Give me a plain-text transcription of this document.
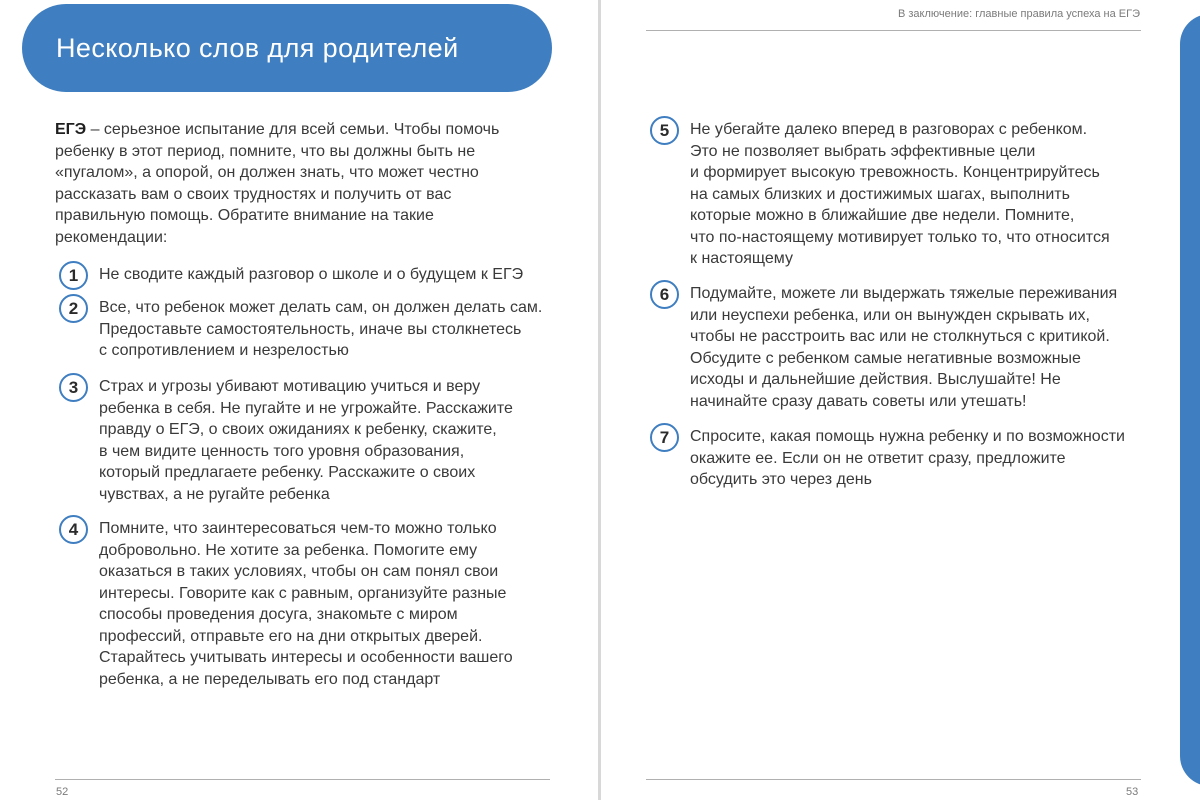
Несколько слов для родителей

ЕГЭ – серьезное испытание для всей семьи. Чтобы помочь ребенку в этот период, помните, что вы должны быть не «пугалом», а опорой, он должен знать, что может честно рассказать вам о своих трудностях и получить от вас правильную помощь. Обратите внимание на такие рекомендации:

1	Не сводите каждый разговор о школе и о будущем к ЕГЭ
2	Все, что ребенок может делать сам, он должен делать сам.
Предоставьте самостоятельность, иначе вы столкнетесь
с сопротивлением и незрелостью
3	Страх и угрозы убивают мотивацию учиться и веру
ребенка в себя. Не пугайте и не угрожайте. Расскажите
правду о ЕГЭ, о своих ожиданиях к ребенку, скажите,
в чем видите ценность того уровня образования,
который предлагаете ребенку. Расскажите о своих
чувствах, а не ругайте ребенка
4	Помните, что заинтересоваться чем-то можно только
добровольно. Не хотите за ребенка. Помогите ему
оказаться в таких условиях, чтобы он сам понял свои
интересы. Говорите как с равным, организуйте разные
способы проведения досуга, знакомьте с миром
профессий, отправьте его на дни открытых дверей.
Старайтесь учитывать интересы и особенности вашего
ребенка, а не переделывать его под стандарт
52
В заключение: главные правила успеха на ЕГЭ
5	Не убегайте далеко вперед в разговорах с ребенком.
Это не позволяет выбрать эффективные цели
и формирует высокую тревожность. Концентрируйтесь
на самых близких и достижимых шагах, выполнить
которые можно в ближайшие две недели. Помните,
что по-настоящему мотивирует только то, что относится
к настоящему
6	Подумайте, можете ли выдержать тяжелые переживания
или неуспехи ребенка, или он вынужден скрывать их,
чтобы не расстроить вас или не столкнуться с критикой.
Обсудите с ребенком самые негативные возможные
исходы и дальнейшие действия. Выслушайте! Не
начинайте сразу давать советы или утешать!
7	Спросите, какая помощь нужна ребенку и по возможности
окажите ее. Если он не ответит сразу, предложите
обсудить это через день
53
